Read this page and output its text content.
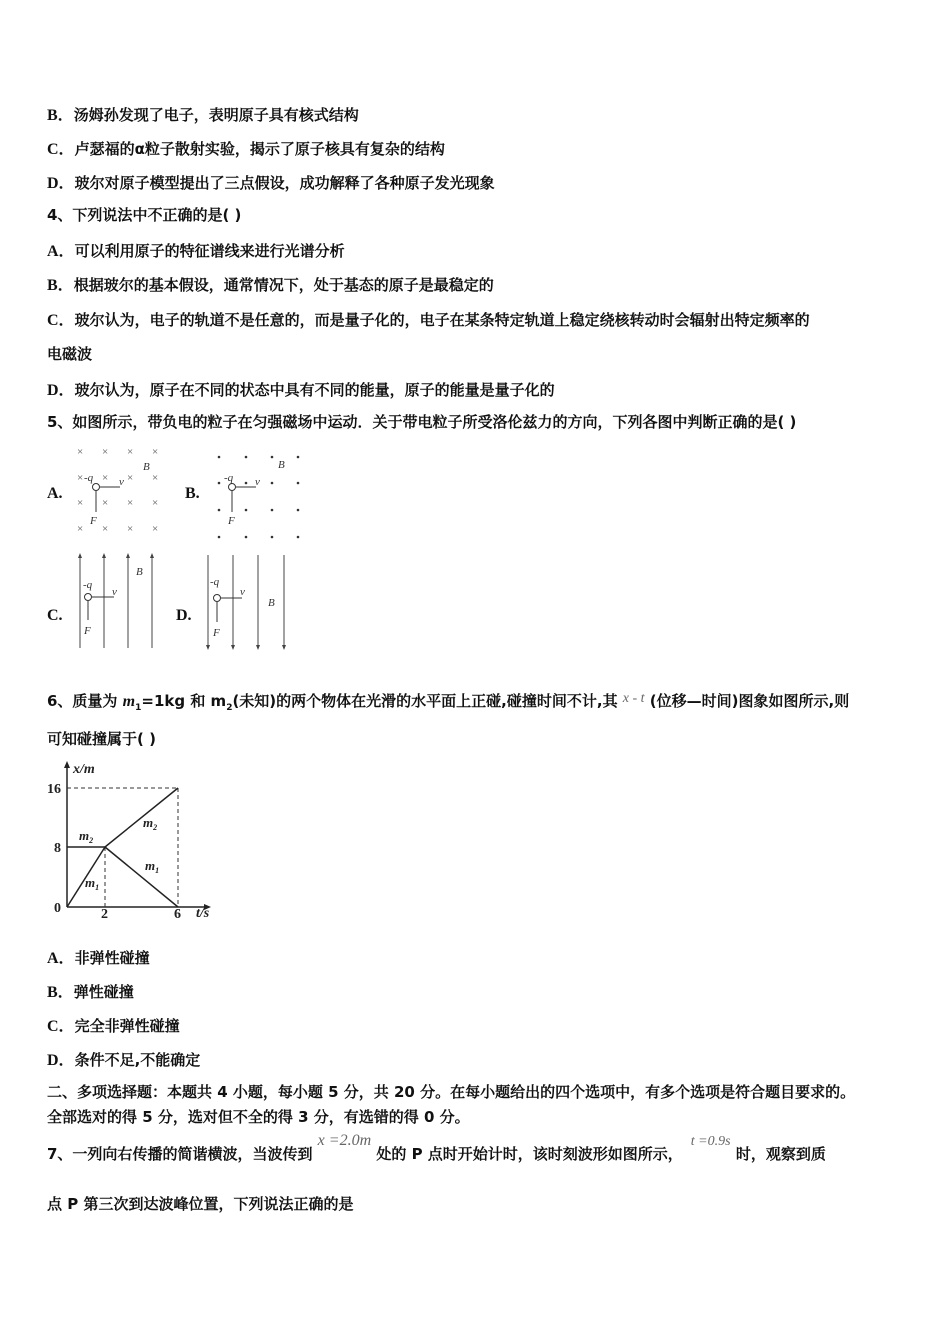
B．汤姆孙发现了电子，表明原子具有核式结构
C．卢瑟福的α粒子散射实验，揭示了原子核具有复杂的结构
D．玻尔对原子模型提出了三点假设，成功解释了各种原子发光现象
4、下列说法中不正确的是( )
A．可以利用原子的特征谱线来进行光谱分析
B．根据玻尔的基本假设，通常情况下，处于基态的原子是最稳定的
C．玻尔认为，电子的轨道不是任意的，而是量子化的，电子在某条特定轨道上稳定绕核转动时会辐射出特定频率的
电磁波
D．玻尔认为，原子在不同的状态中具有不同的能量，原子的能量是量子化的
5、如图所示，带负电的粒子在匀强磁场中运动．关于带电粒子所受洛伦兹力的方向，下列各图中判断正确的是( )
A.	B.
C.	D.
× × × ×
× × × ×
× × × ×
× × × ×
-q v
F
B
-q v
F
B
-q
v
F
B
-q
v
F
B
6、质量为 $m_1=1kg$ 和 $m_2$(未知)的两个物体在光滑的水平面上正碰,碰撞时间不计,其 x - t (位移—时间)图象如图所示,则
可知碰撞属于( )
x/m
t/s
16
8
0	2	6
$m_2$
$m_2$
$m_1$
$m_1$
A．非弹性碰撞
B．弹性碰撞
C．完全非弹性碰撞
D．条件不足,不能确定
二、多项选择题：本题共 4 小题，每小题 5 分，共 20 分。在每小题给出的四个选项中，有多个选项是符合题目要求的。
全部选对的得 5 分，选对但不全的得 3 分，有选错的得 0 分。
7、一列向右传播的简谐横波，当波传到 x =2.0m 处的 P 点时开始计时，该时刻波形如图所示，t =0.9s 时，观察到质
点 P 第三次到达波峰位置，下列说法正确的是
